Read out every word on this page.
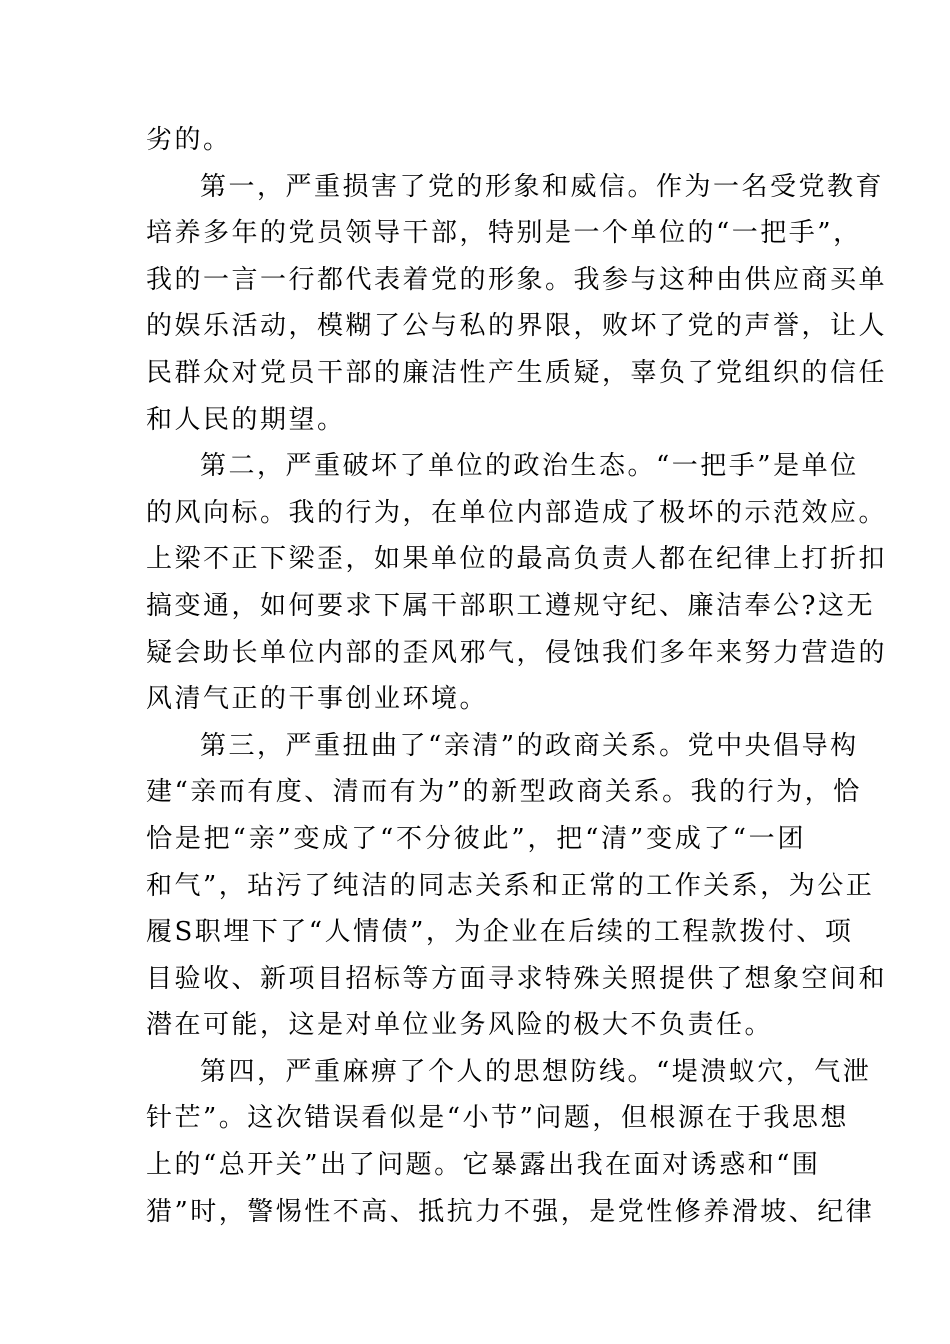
劣的。
第一，严重损害了党的形象和威信。作为一名受党教育
培养多年的党员领导干部，特别是一个单位的“一把手”，
我的一言一行都代表着党的形象。我参与这种由供应商买单
的娱乐活动，模糊了公与私的界限，败坏了党的声誉，让人
民群众对党员干部的廉洁性产生质疑，辜负了党组织的信任
和人民的期望。
第二，严重破坏了单位的政治生态。“一把手”是单位
的风向标。我的行为，在单位内部造成了极坏的示范效应。
上梁不正下梁歪，如果单位的最高负责人都在纪律上打折扣
搞变通，如何要求下属干部职工遵规守纪、廉洁奉公?这无
疑会助长单位内部的歪风邪气，侵蚀我们多年来努力营造的
风清气正的干事创业环境。
第三，严重扭曲了“亲清”的政商关系。党中央倡导构
建“亲而有度、清而有为”的新型政商关系。我的行为，恰
恰是把“亲”变成了“不分彼此”，把“清”变成了“一团
和气”，玷污了纯洁的同志关系和正常的工作关系，为公正
履S职埋下了“人情债”，为企业在后续的工程款拨付、项
目验收、新项目招标等方面寻求特殊关照提供了想象空间和
潜在可能，这是对单位业务风险的极大不负责任。
第四，严重麻痹了个人的思想防线。“堤溃蚁穴，气泄
针芒”。这次错误看似是“小节”问题，但根源在于我思想
上的“总开关”出了问题。它暴露出我在面对诱惑和“围
猎”时，警惕性不高、抵抗力不强，是党性修养滑坡、纪律
